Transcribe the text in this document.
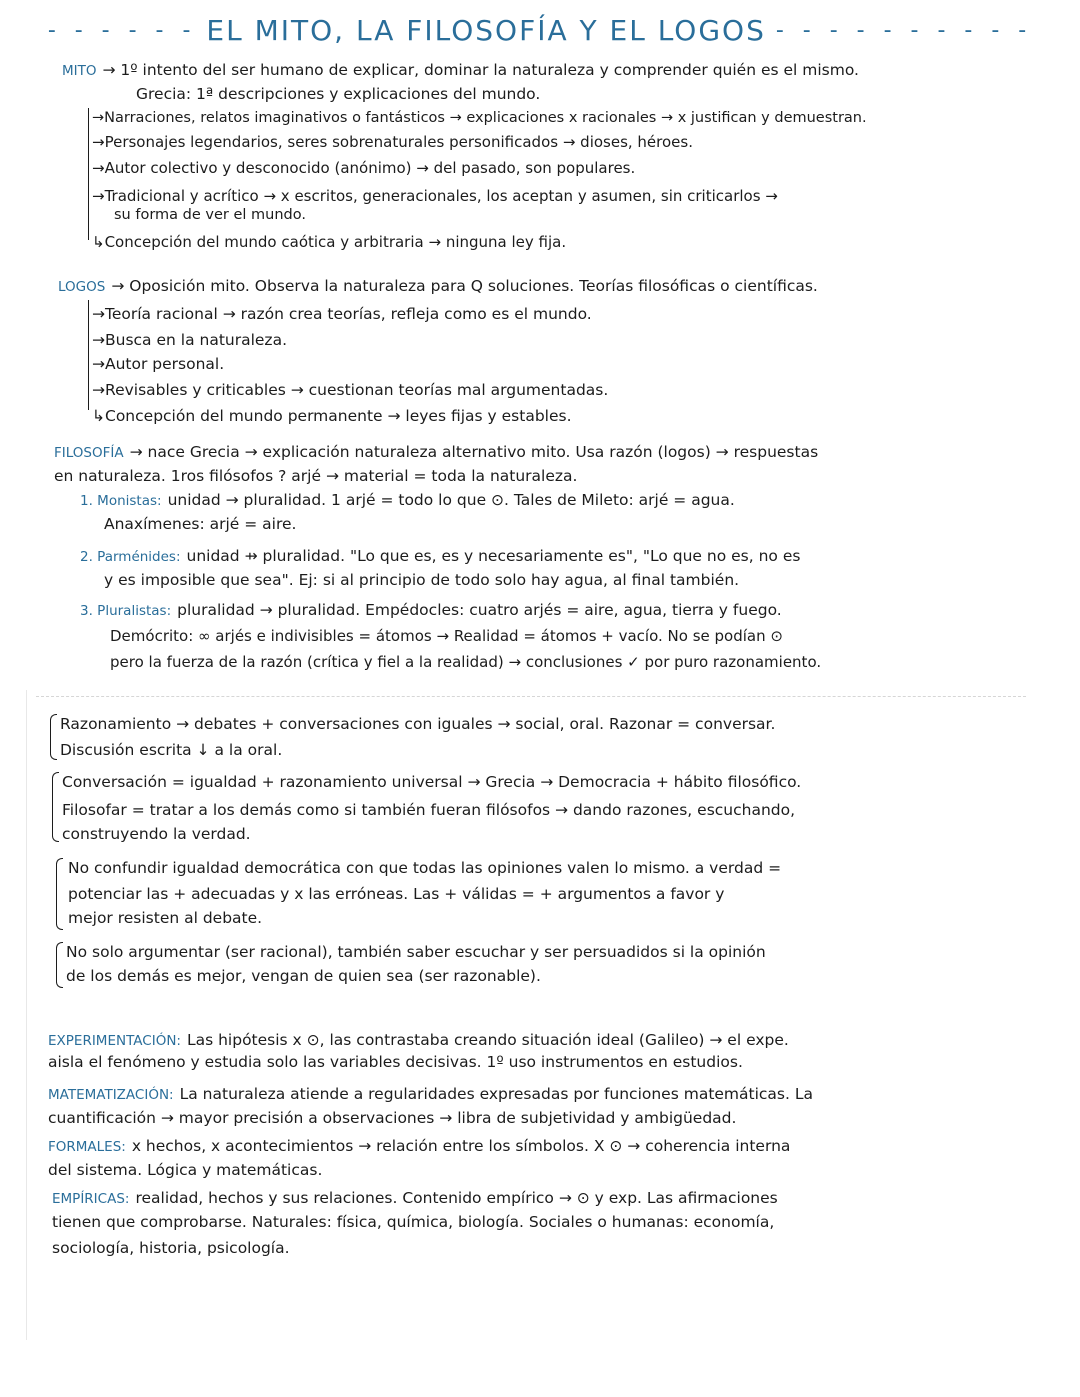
- - - - - - EL MITO, LA FILOSOFÍA Y EL LOGOS - - - - - - - - - -
MITO → 1º intento del ser humano de explicar, dominar la naturaleza y comprender quién es el mismo.
Grecia: 1ª descripciones y explicaciones del mundo.
→Narraciones, relatos imaginativos o fantásticos → explicaciones x racionales → x justifican y demuestran.
→Personajes legendarios, seres sobrenaturales personificados → dioses, héroes.
→Autor colectivo y desconocido (anónimo) → del pasado, son populares.
→Tradicional y acrítico → x escritos, generacionales, los aceptan y asumen, sin criticarlos →
su forma de ver el mundo.
↳Concepción del mundo caótica y arbitraria → ninguna ley fija.
LOGOS → Oposición mito. Observa la naturaleza para Q soluciones. Teorías filosóficas o científicas.
→Teoría racional → razón crea teorías, refleja como es el mundo.
→Busca en la naturaleza.
→Autor personal.
→Revisables y criticables → cuestionan teorías mal argumentadas.
↳Concepción del mundo permanente → leyes fijas y estables.
FILOSOFÍA → nace Grecia → explicación naturaleza alternativo mito. Usa razón (logos) → respuestas
en naturaleza. 1ros filósofos ? arjé → material = toda la naturaleza.
1. Monistas: unidad → pluralidad. 1 arjé = todo lo que ⊙. Tales de Mileto: arjé = agua.
Anaxímenes: arjé = aire.
2. Parménides: unidad ⇸ pluralidad. "Lo que es, es y necesariamente es", "Lo que no es, no es
y es imposible que sea". Ej: si al principio de todo solo hay agua, al final también.
3. Pluralistas: pluralidad → pluralidad. Empédocles: cuatro arjés = aire, agua, tierra y fuego.
Demócrito: ∞ arjés e indivisibles = átomos → Realidad = átomos + vacío. No se podían ⊙
pero la fuerza de la razón (crítica y fiel a la realidad) → conclusiones ✓ por puro razonamiento.
Razonamiento → debates + conversaciones con iguales → social, oral. Razonar = conversar.
Discusión escrita ↓ a la oral.
Conversación = igualdad + razonamiento universal → Grecia → Democracia + hábito filosófico.
Filosofar = tratar a los demás como si también fueran filósofos → dando razones, escuchando,
construyendo la verdad.
No confundir igualdad democrática con que todas las opiniones valen lo mismo. a verdad =
potenciar las + adecuadas y x las erróneas. Las + válidas = + argumentos a favor y
mejor resisten al debate.
No solo argumentar (ser racional), también saber escuchar y ser persuadidos si la opinión
de los demás es mejor, vengan de quien sea (ser razonable).
EXPERIMENTACIÓN: Las hipótesis x ⊙, las contrastaba creando situación ideal (Galileo) → el expe.
aisla el fenómeno y estudia solo las variables decisivas. 1º uso instrumentos en estudios.
MATEMATIZACIÓN: La naturaleza atiende a regularidades expresadas por funciones matemáticas. La
cuantificación → mayor precisión a observaciones → libra de subjetividad y ambigüedad.
FORMALES: x hechos, x acontecimientos → relación entre los símbolos. X ⊙ → coherencia interna
del sistema. Lógica y matemáticas.
EMPÍRICAS: realidad, hechos y sus relaciones. Contenido empírico → ⊙ y exp. Las afirmaciones
tienen que comprobarse. Naturales: física, química, biología. Sociales o humanas: economía,
sociología, historia, psicología.
